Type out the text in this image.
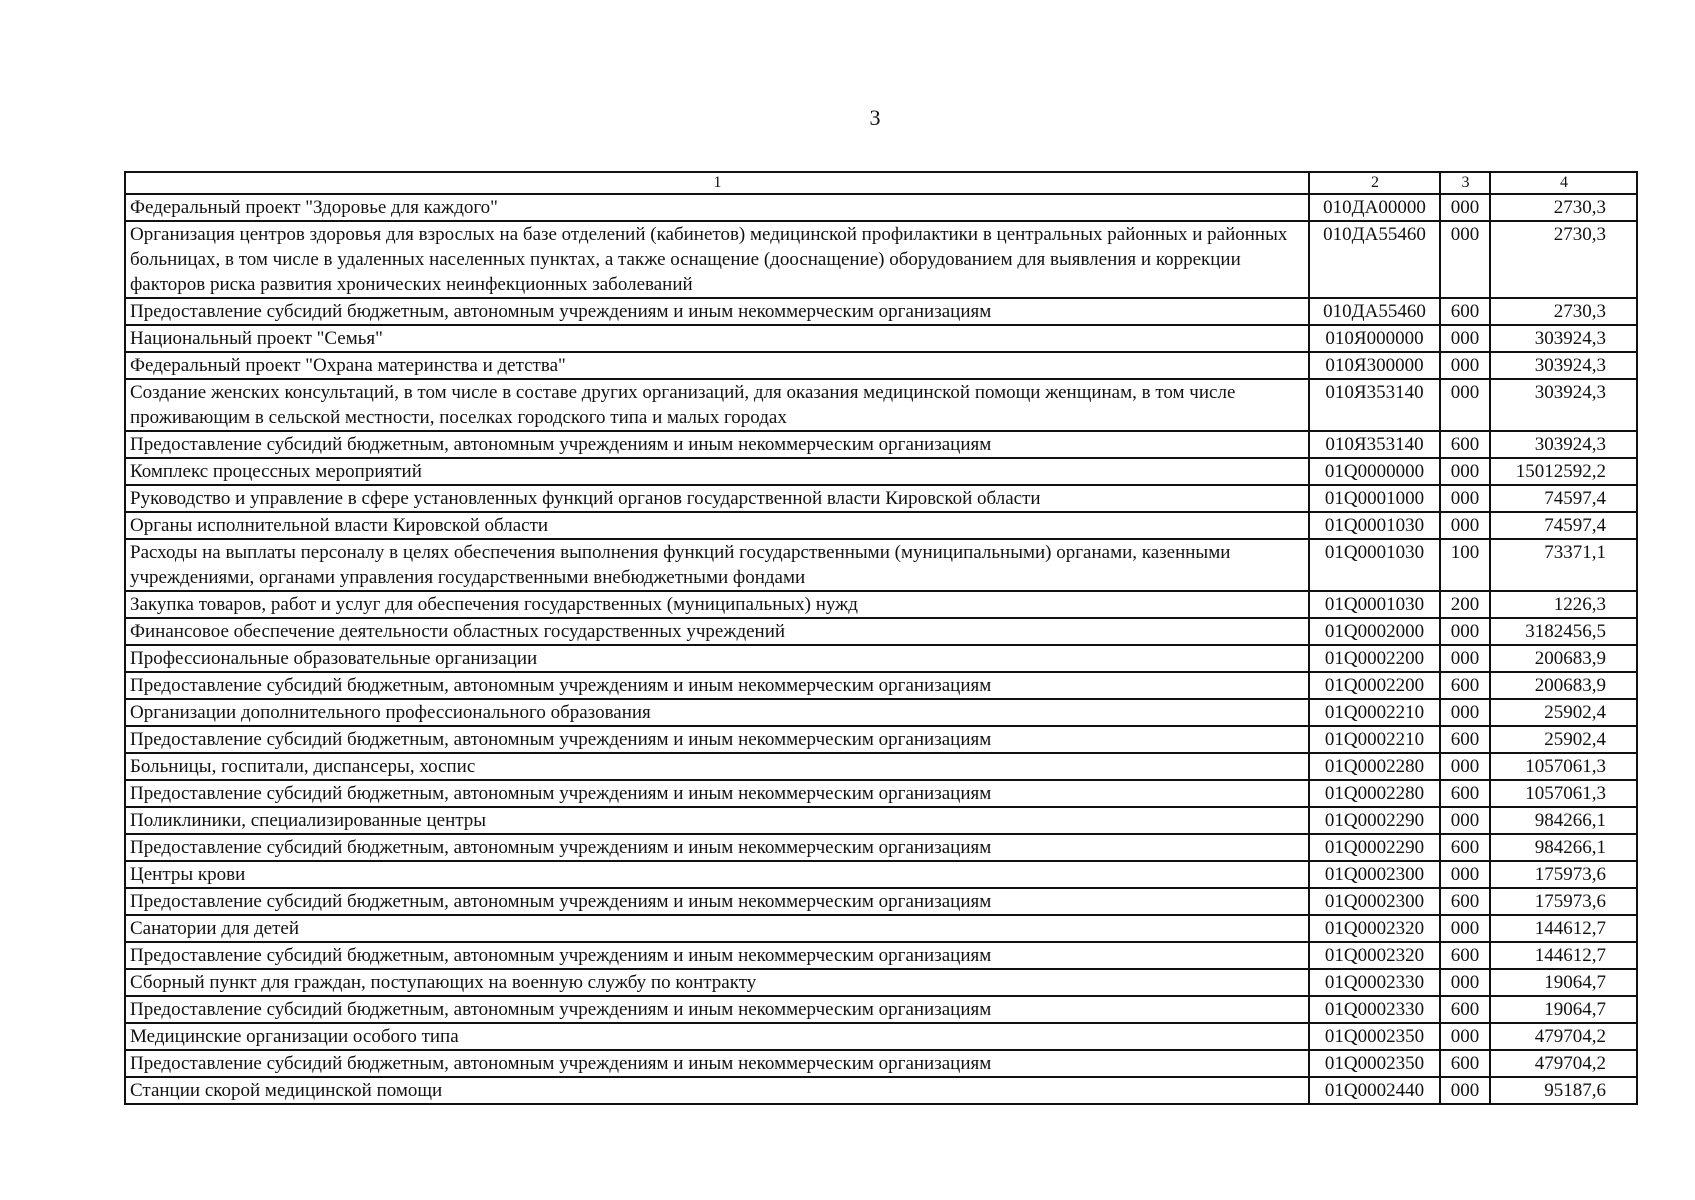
3
1	2	3	4
Федеральный проект "Здоровье для каждого"	010ДА00000	000	2730,3
Организация центров здоровья для взрослых на базе отделений (кабинетов) медицинской профилактики в центральных районных и районных больницах, в том числе в удаленных населенных пунктах, а также оснащение (дооснащение) оборудованием для выявления и коррекции факторов риска развития хронических неинфекционных заболеваний	010ДА55460	000	2730,3
Предоставление субсидий бюджетным, автономным учреждениям и иным некоммерческим организациям	010ДА55460	600	2730,3
Национальный проект "Семья"	010Я000000	000	303924,3
Федеральный проект "Охрана материнства и детства"	010Я300000	000	303924,3
Создание женских консультаций, в том числе в составе других организаций, для оказания медицинской помощи женщинам, в том числе проживающим в сельской местности, поселках городского типа и малых городах	010Я353140	000	303924,3
Предоставление субсидий бюджетным, автономным учреждениям и иным некоммерческим организациям	010Я353140	600	303924,3
Комплекс процессных мероприятий	01Q0000000	000	15012592,2
Руководство и управление в сфере установленных функций органов государственной власти Кировской области	01Q0001000	000	74597,4
Органы исполнительной власти Кировской области	01Q0001030	000	74597,4
Расходы на выплаты персоналу в целях обеспечения выполнения функций государственными (муниципальными) органами, казенными учреждениями, органами управления государственными внебюджетными фондами	01Q0001030	100	73371,1
Закупка товаров, работ и услуг для обеспечения государственных (муниципальных) нужд	01Q0001030	200	1226,3
Финансовое обеспечение деятельности областных государственных учреждений	01Q0002000	000	3182456,5
Профессиональные образовательные организации	01Q0002200	000	200683,9
Предоставление субсидий бюджетным, автономным учреждениям и иным некоммерческим организациям	01Q0002200	600	200683,9
Организации дополнительного профессионального образования	01Q0002210	000	25902,4
Предоставление субсидий бюджетным, автономным учреждениям и иным некоммерческим организациям	01Q0002210	600	25902,4
Больницы, госпитали, диспансеры, хоспис	01Q0002280	000	1057061,3
Предоставление субсидий бюджетным, автономным учреждениям и иным некоммерческим организациям	01Q0002280	600	1057061,3
Поликлиники, специализированные центры	01Q0002290	000	984266,1
Предоставление субсидий бюджетным, автономным учреждениям и иным некоммерческим организациям	01Q0002290	600	984266,1
Центры крови	01Q0002300	000	175973,6
Предоставление субсидий бюджетным, автономным учреждениям и иным некоммерческим организациям	01Q0002300	600	175973,6
Санатории для детей	01Q0002320	000	144612,7
Предоставление субсидий бюджетным, автономным учреждениям и иным некоммерческим организациям	01Q0002320	600	144612,7
Сборный пункт для граждан, поступающих на военную службу по контракту	01Q0002330	000	19064,7
Предоставление субсидий бюджетным, автономным учреждениям и иным некоммерческим организациям	01Q0002330	600	19064,7
Медицинские организации особого типа	01Q0002350	000	479704,2
Предоставление субсидий бюджетным, автономным учреждениям и иным некоммерческим организациям	01Q0002350	600	479704,2
Станции скорой медицинской помощи	01Q0002440	000	95187,6
